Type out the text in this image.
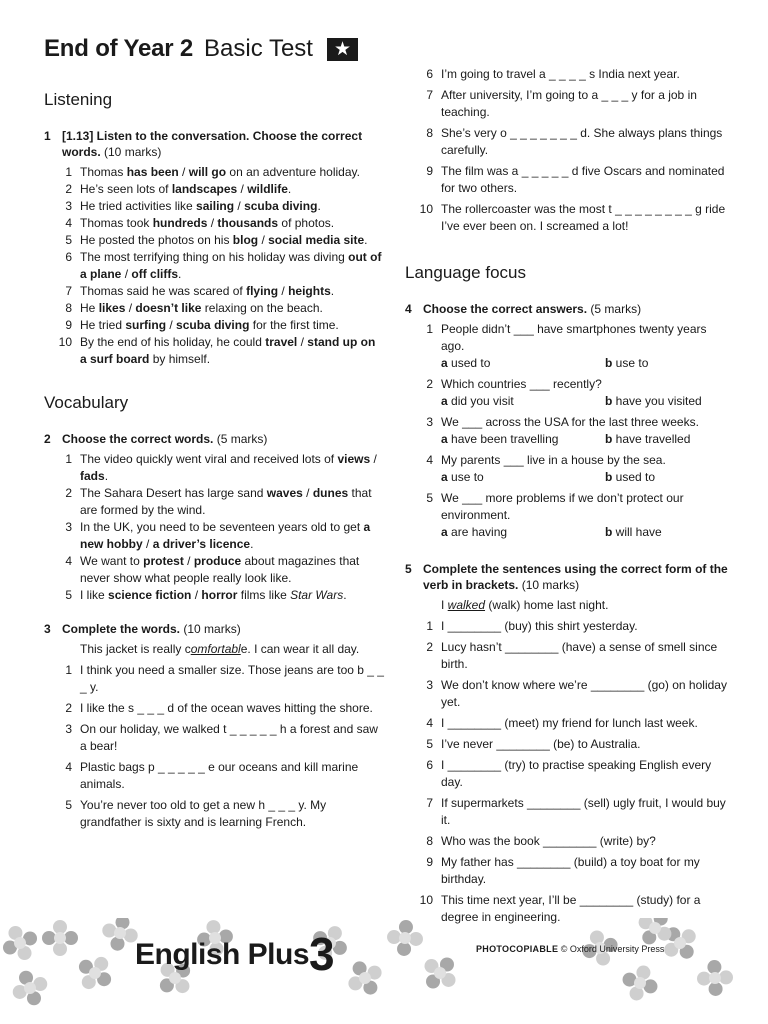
End of Year 2 Basic Test	★
Listening
1 [1.13] Listen to the conversation. Choose the correct words. (10 marks)
1 Thomas has been / will go on an adventure holiday.
2 He’s seen lots of landscapes / wildlife.
3 He tried activities like sailing / scuba diving.
4 Thomas took hundreds / thousands of photos.
5 He posted the photos on his blog / social media site.
6 The most terrifying thing on his holiday was diving out of a plane / off cliffs.
7 Thomas said he was scared of flying / heights.
8 He likes / doesn’t like relaxing on the beach.
9 He tried surfing / scuba diving for the first time.
10 By the end of his holiday, he could travel / stand up on a surf board by himself.
Vocabulary
2 Choose the correct words. (5 marks)
1 The video quickly went viral and received lots of views / fads.
2 The Sahara Desert has large sand waves / dunes that are formed by the wind.
3 In the UK, you need to be seventeen years old to get a new hobby / a driver’s licence.
4 We want to protest / produce about magazines that never show what people really look like.
5 I like science fiction / horror films like Star Wars.
3 Complete the words. (10 marks)
This jacket is really comfortable. I can wear it all day.
1 I think you need a smaller size. Those jeans are too b _ _ _ y.
2 I like the s _ _ _ d of the ocean waves hitting the shore.
3 On our holiday, we walked t _ _ _ _ _ h a forest and saw a bear!
4 Plastic bags p _ _ _ _ _ e our oceans and kill marine animals.
5 You’re never too old to get a new h _ _ _ y. My grandfather is sixty and is learning French.
6 I’m going to travel a _ _ _ _ s India next year.
7 After university, I’m going to a _ _ _ y for a job in teaching.
8 She’s very o _ _ _ _ _ _ _ d. She always plans things carefully.
9 The film was a _ _ _ _ _ d five Oscars and nominated for two others.
10 The rollercoaster was the most t _ _ _ _ _ _ _ _ g ride I’ve ever been on. I screamed a lot!
Language focus
4 Choose the correct answers. (5 marks)
1 People didn’t ___ have smartphones twenty years ago.
a used to	b use to
2 Which countries ___ recently?
a did you visit	b have you visited
3 We ___ across the USA for the last three weeks.
a have been travelling	b have travelled
4 My parents ___ live in a house by the sea.
a use to	b used to
5 We ___ more problems if we don’t protect our environment.
a are having	b will have
5 Complete the sentences using the correct form of the verb in brackets. (10 marks)
I walked (walk) home last night.
1 I ________ (buy) this shirt yesterday.
2 Lucy hasn’t ________ (have) a sense of smell since birth.
3 We don’t know where we’re ________ (go) on holiday yet.
4 I ________ (meet) my friend for lunch last week.
5 I’ve never ________ (be) to Australia.
6 I ________ (try) to practise speaking English every day.
7 If supermarkets ________ (sell) ugly fruit, I would buy it.
8 Who was the book ________ (write) by?
9 My father has ________ (build) a toy boat for my birthday.
10 This time next year, I’ll be ________ (study) for a degree in engineering.
English Plus 3	PHOTOCOPIABLE © Oxford University Press
